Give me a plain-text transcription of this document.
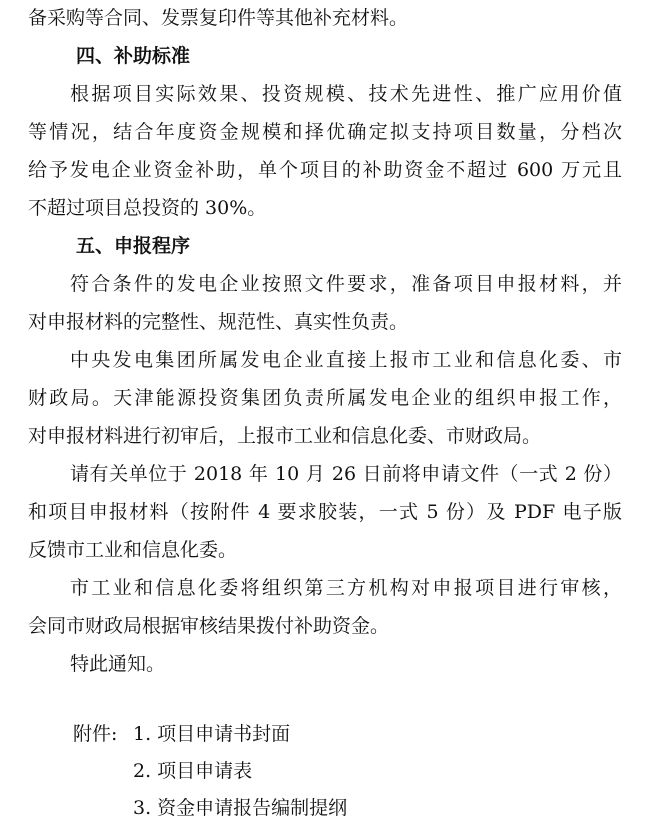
备采购等合同、发票复印件等其他补充材料。
四、补助标准
根据项目实际效果、投资规模、技术先进性、推广应用价值
等情况，结合年度资金规模和择优确定拟支持项目数量，分档次
给予发电企业资金补助，单个项目的补助资金不超过 600 万元且
不超过项目总投资的 30%。
五、申报程序
符合条件的发电企业按照文件要求，准备项目申报材料，并
对申报材料的完整性、规范性、真实性负责。
中央发电集团所属发电企业直接上报市工业和信息化委、市
财政局。天津能源投资集团负责所属发电企业的组织申报工作，
对申报材料进行初审后，上报市工业和信息化委、市财政局。
请有关单位于 2018 年 10 月 26 日前将申请文件（一式 2 份）
和项目申报材料（按附件 4 要求胶装，一式 5 份）及 PDF 电子版
反馈市工业和信息化委。
市工业和信息化委将组织第三方机构对申报项目进行审核，
会同市财政局根据审核结果拨付补助资金。
特此通知。
附件: 1. 项目申请书封面
2. 项目申请表
3. 资金申请报告编制提纲
